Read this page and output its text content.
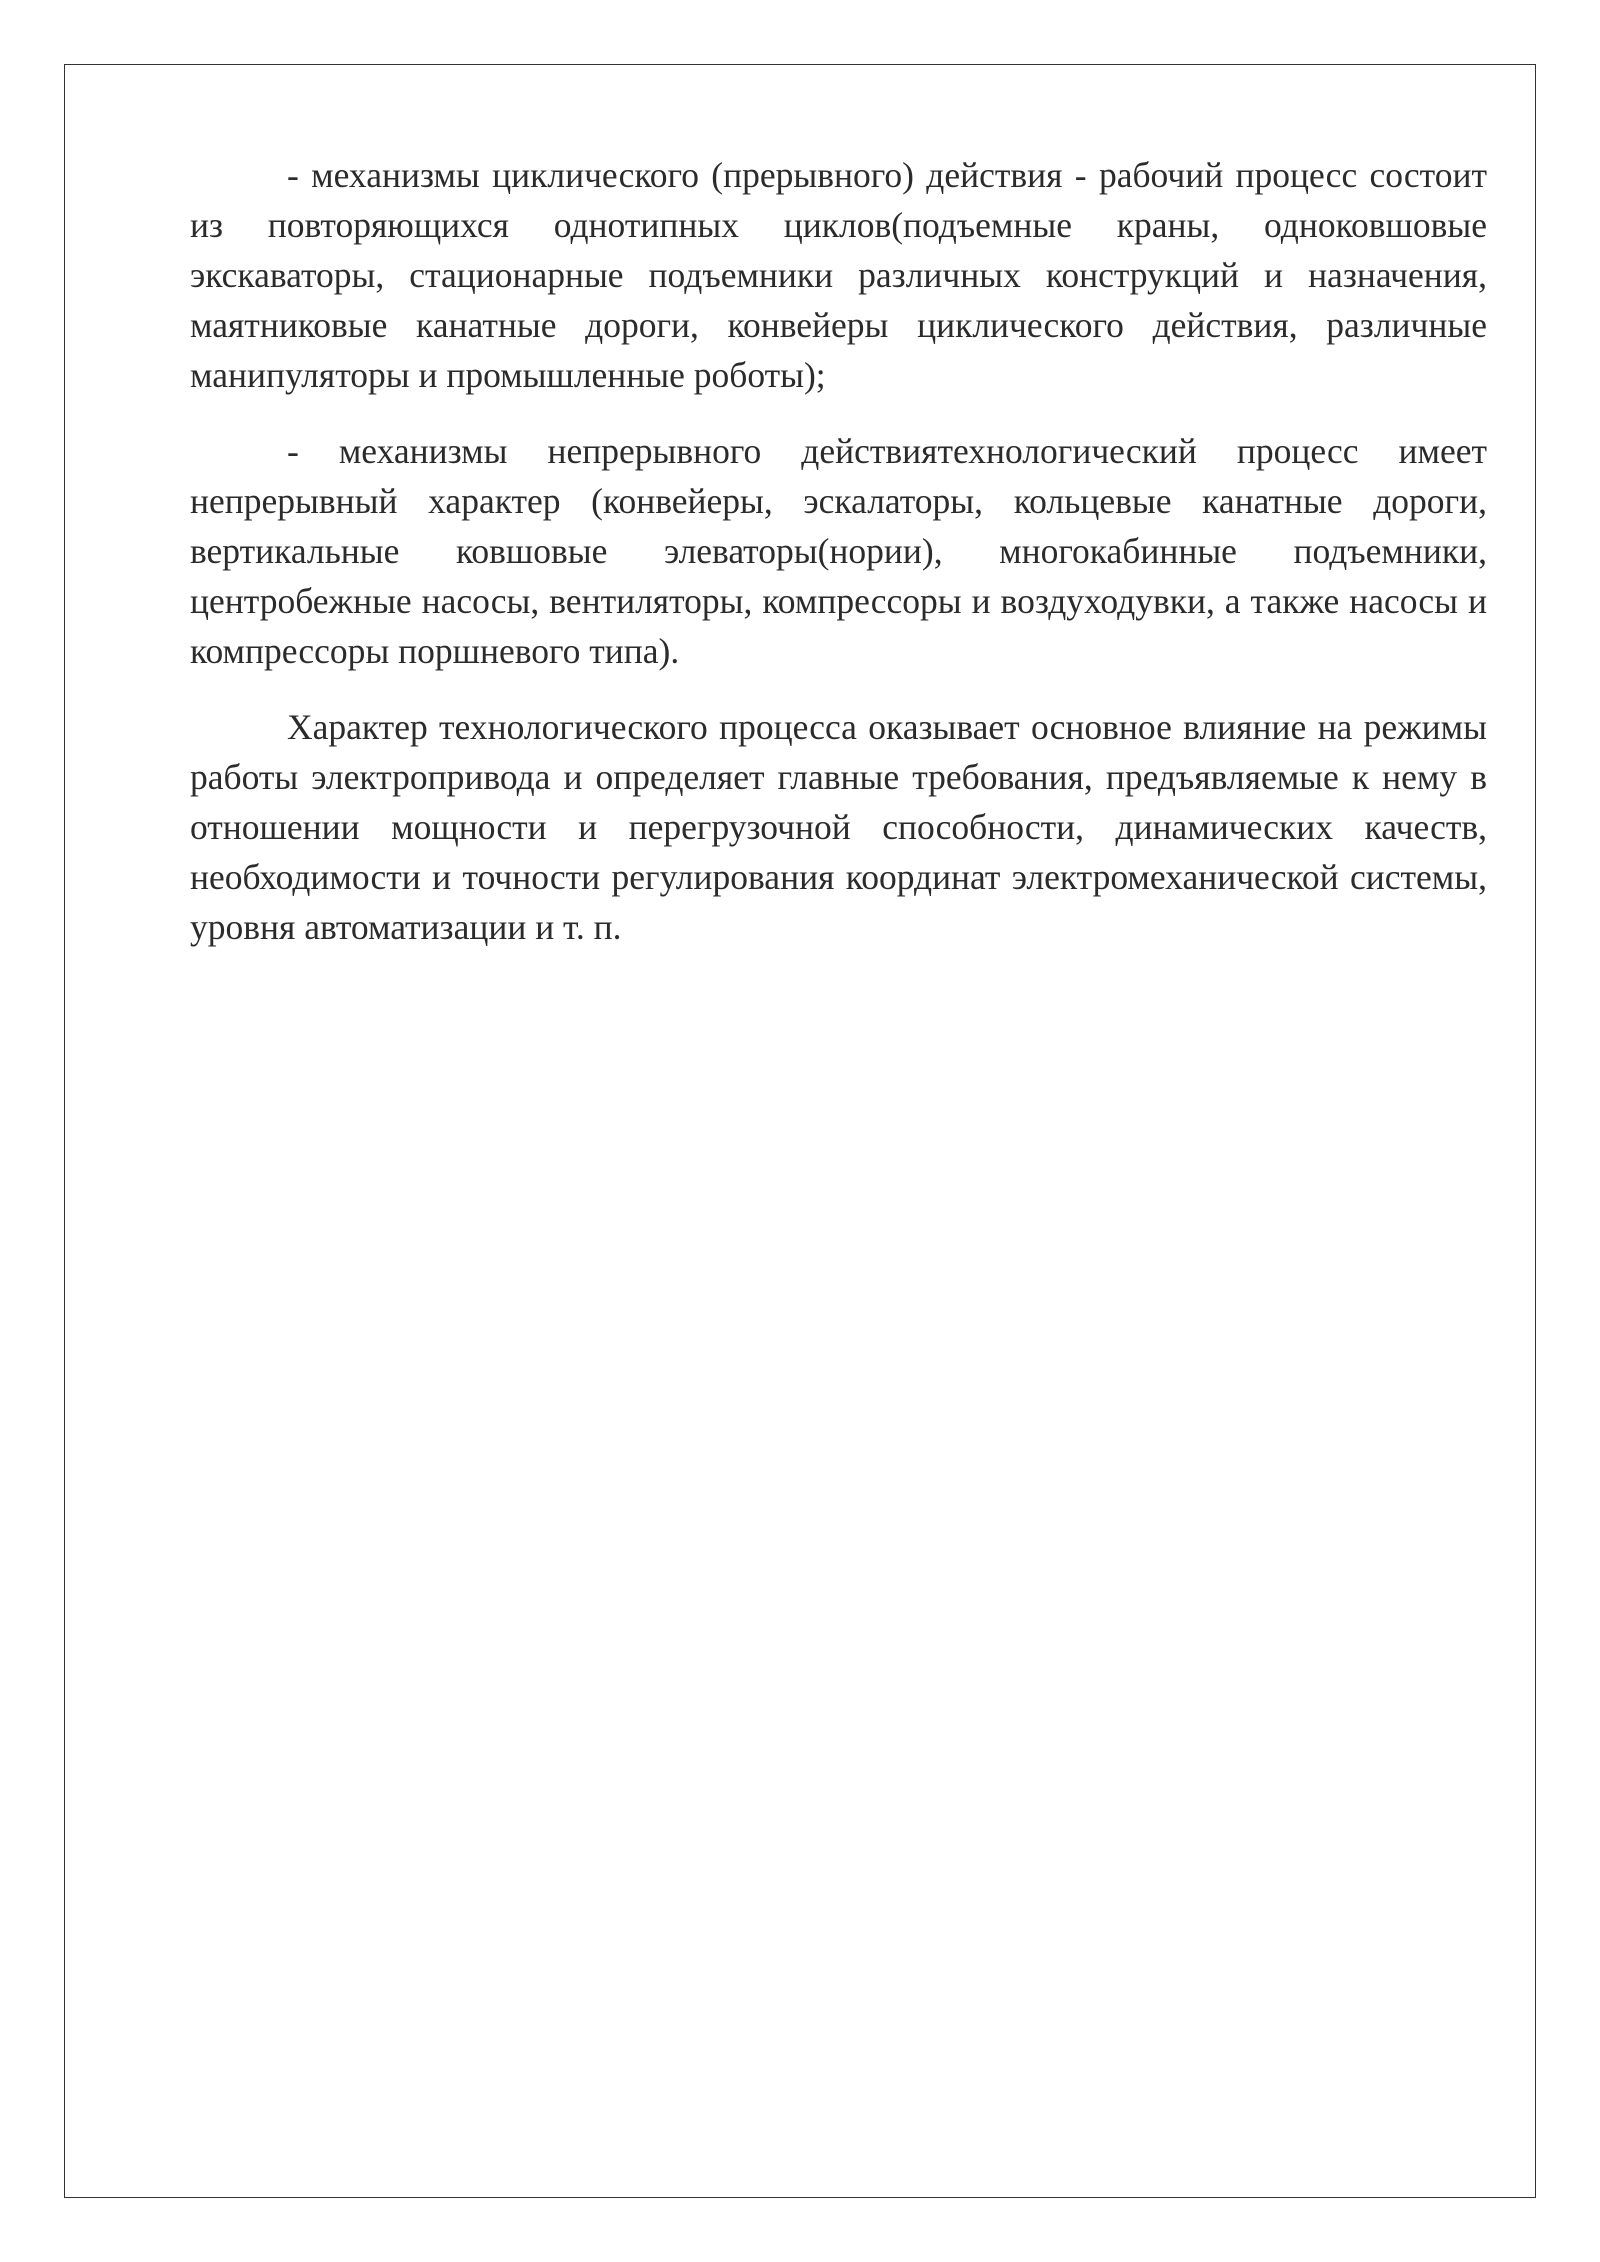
- механизмы циклического (прерывного) действия - рабочий процесс состоит из повторяющихся однотипных циклов(подъемные краны, одноковшовые экскаваторы, стационарные подъемники различных конструкций и назначения, маятниковые канатные дороги, конвейеры циклического действия, различные манипуляторы и промышленные роботы);

- механизмы непрерывного действиятехнологический процесс имеет непрерывный характер (конвейеры, эскалаторы, кольцевые канатные дороги, вертикальные ковшовые элеваторы(нории), многокабинные подъемники, центробежные насосы, вентиляторы, компрессоры и воздуходувки, а также насосы и компрессоры поршневого типа).

Характер технологического процесса оказывает основное влияние на режимы работы электропривода и определяет главные требования, предъявляемые к нему в отношении мощности и перегрузочной способности, динамических качеств, необходимости и точности регулирования координат электромеханической системы, уровня автоматизации и т. п.
